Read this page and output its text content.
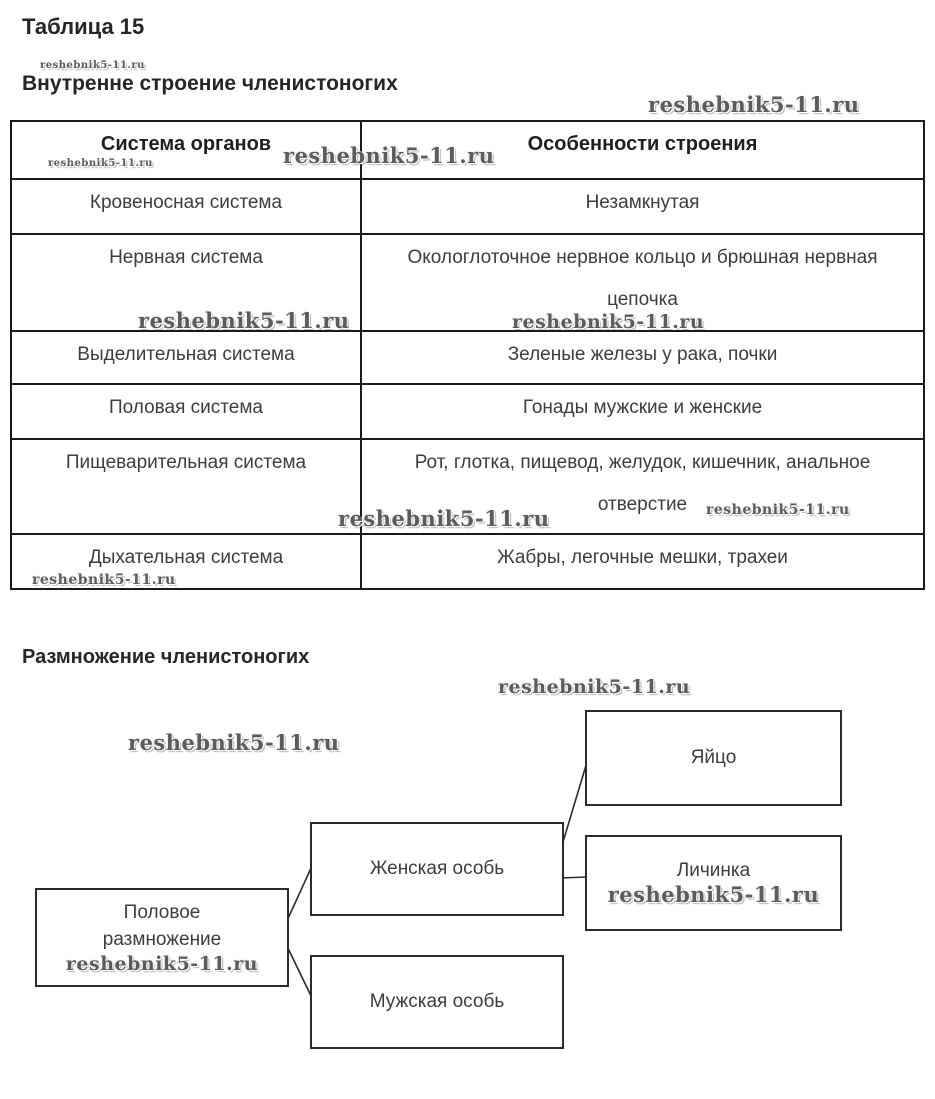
Таблица 15
Внутренне строение членистоногих
Размножение членистоногих
Система органов	Особенности строения
Кровеносная система	Незамкнутая

Нервная система	Окологлоточное нервное кольцо и брюшная нервная цепочка

Выделительная система	Зеленые железы у рака, почки

Половая система	Гонады мужские и женские

Пищеварительная система	Рот, глотка, пищевод, желудок, кишечник, анальное отверстие

Дыхательная система	Жабры, легочные мешки, трахеи
reshebnik5-11.ru
reshebnik5-11.ru
reshebnik5-11.ru
reshebnik5-11.ru
reshebnik5-11.ru	reshebnik5-11.ru
reshebnik5-11.ru	reshebnik5-11.ru
reshebnik5-11.ru
reshebnik5-11.ru
reshebnik5-11.ru
Яйцо
Женская особь	Личинка
reshebnik5-11.ru
Половое размножение
reshebnik5-11.ru
Мужская особь
